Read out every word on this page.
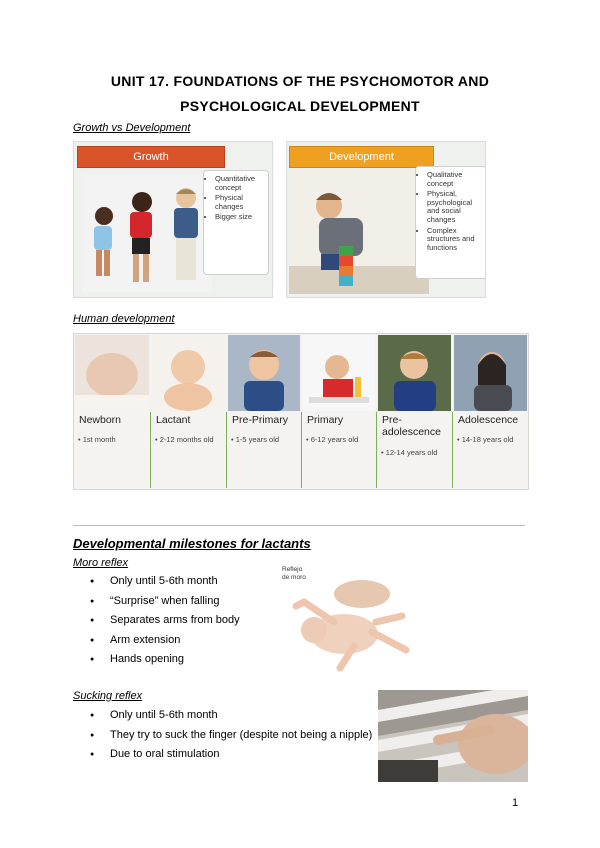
UNIT 17. FOUNDATIONS OF THE PSYCHOMOTOR AND
PSYCHOLOGICAL DEVELOPMENT
Growth vs Development
Growth
• Quantitative concept
• Physical changes
• Bigger size
Development
• Qualitative concept
• Physical, psychological and social changes
• Complex structures and functions
Human development
Newborn
• 1st month
Lactant
• 2-12 months old
Pre-Primary
• 1-5 years old
Primary
• 6-12 years old
Pre-adolescence
• 12-14 years old
Adolescence
• 14-18 years old
Developmental milestones for lactants
Moro reflex
● Only until 5-6th month
● “Surprise” when falling
● Separates arms from body
● Arm extension
● Hands opening
Reflejo
de moro
Sucking reflex
● Only until 5-6th month
● They try to suck the finger (despite not being a nipple)
● Due to oral stimulation
1
